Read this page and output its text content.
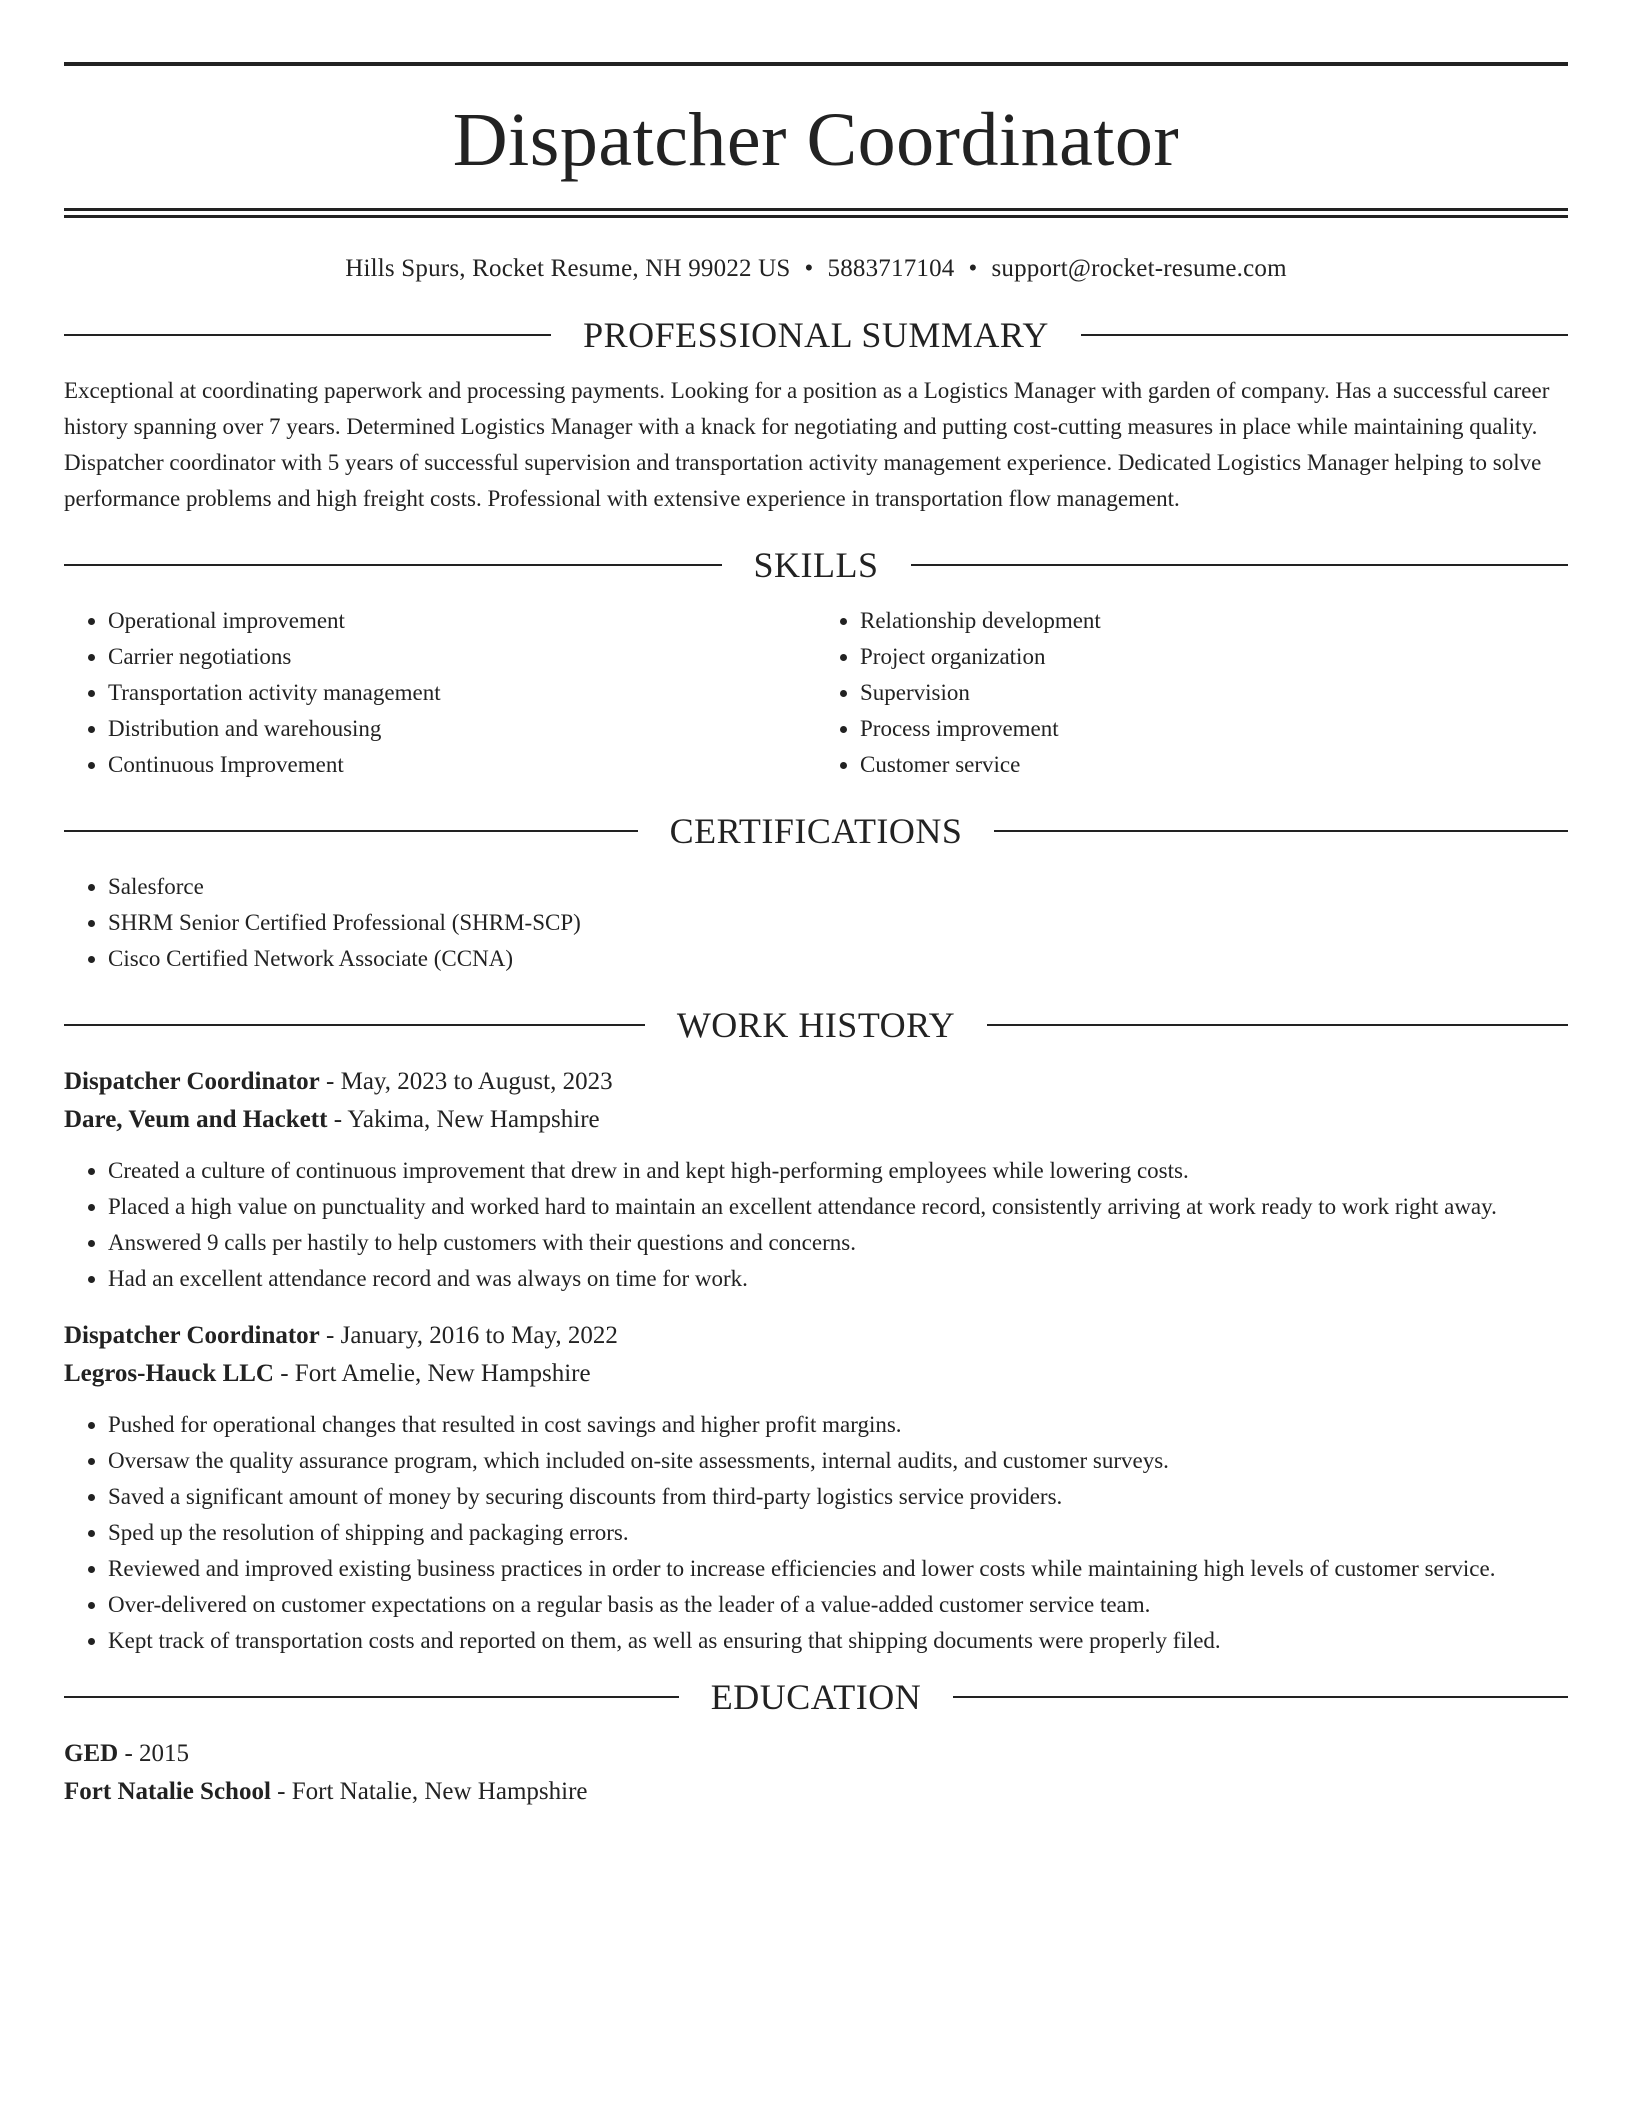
Dispatcher Coordinator
Hills Spurs, Rocket Resume, NH 99022 US • 5883717104 • support@rocket-resume.com
PROFESSIONAL SUMMARY

Exceptional at coordinating paperwork and processing payments. Looking for a position as a Logistics Manager with garden of company. Has a successful career history spanning over 7 years. Determined Logistics Manager with a knack for negotiating and putting cost-cutting measures in place while maintaining quality. Dispatcher coordinator with 5 years of successful supervision and transportation activity management experience. Dedicated Logistics Manager helping to solve performance problems and high freight costs. Professional with extensive experience in transportation flow management.

SKILLS
• Operational improvement
• Carrier negotiations
• Transportation activity management
• Distribution and warehousing
• Continuous Improvement
• Relationship development
• Project organization
• Supervision
• Process improvement
• Customer service
CERTIFICATIONS
• Salesforce
• SHRM Senior Certified Professional (SHRM-SCP)
• Cisco Certified Network Associate (CCNA)
WORK HISTORY
Dispatcher Coordinator - May, 2023 to August, 2023
Dare, Veum and Hackett - Yakima, New Hampshire
• Created a culture of continuous improvement that drew in and kept high-performing employees while lowering costs.
• Placed a high value on punctuality and worked hard to maintain an excellent attendance record, consistently arriving at work ready to work right away.
• Answered 9 calls per hastily to help customers with their questions and concerns.
• Had an excellent attendance record and was always on time for work.
Dispatcher Coordinator - January, 2016 to May, 2022
Legros-Hauck LLC - Fort Amelie, New Hampshire
• Pushed for operational changes that resulted in cost savings and higher profit margins.
• Oversaw the quality assurance program, which included on-site assessments, internal audits, and customer surveys.
• Saved a significant amount of money by securing discounts from third-party logistics service providers.
• Sped up the resolution of shipping and packaging errors.
• Reviewed and improved existing business practices in order to increase efficiencies and lower costs while maintaining high levels of customer service.
• Over-delivered on customer expectations on a regular basis as the leader of a value-added customer service team.
• Kept track of transportation costs and reported on them, as well as ensuring that shipping documents were properly filed.
EDUCATION
GED - 2015
Fort Natalie School - Fort Natalie, New Hampshire
